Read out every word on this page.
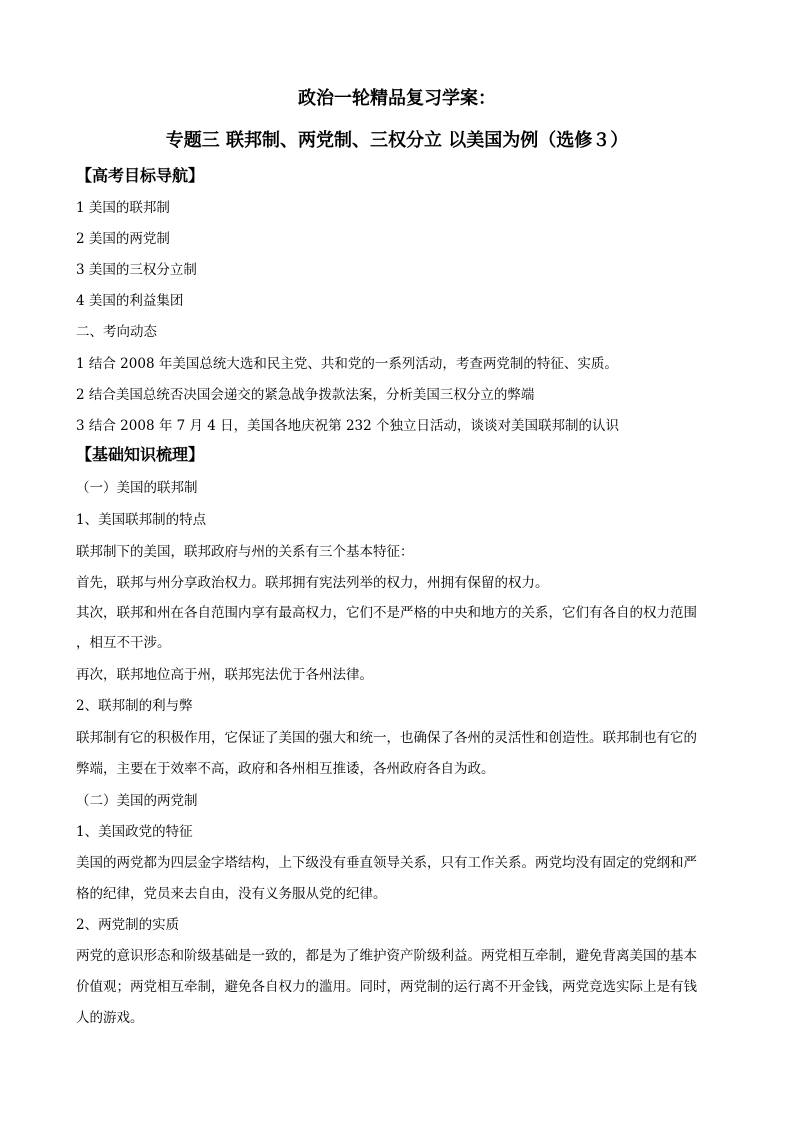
政治一轮精品复习学案：
专题三 联邦制、两党制、三权分立 以美国为例（选修３）
【高考目标导航】
1 美国的联邦制
2 美国的两党制
3 美国的三权分立制
4 美国的利益集团
二、考向动态
1 结合 2008 年美国总统大选和民主党、共和党的一系列活动，考查两党制的特征、实质。
2 结合美国总统否决国会递交的紧急战争拨款法案，分析美国三权分立的弊端
3 结合 2008 年 7 月 4 日，美国各地庆祝第 232 个独立日活动，谈谈对美国联邦制的认识
【基础知识梳理】
（一）美国的联邦制
1、美国联邦制的特点
联邦制下的美国，联邦政府与州的关系有三个基本特征：
首先，联邦与州分享政治权力。联邦拥有宪法列举的权力，州拥有保留的权力。
其次，联邦和州在各自范围内享有最高权力，它们不是严格的中央和地方的关系，它们有各自的权力范围
，相互不干涉。
再次，联邦地位高于州，联邦宪法优于各州法律。
2、联邦制的利与弊
联邦制有它的积极作用，它保证了美国的强大和统一，也确保了各州的灵活性和创造性。联邦制也有它的
弊端，主要在于效率不高，政府和各州相互推诿，各州政府各自为政。
（二）美国的两党制
1、美国政党的特征
美国的两党都为四层金字塔结构，上下级没有垂直领导关系，只有工作关系。两党均没有固定的党纲和严
格的纪律，党员来去自由，没有义务服从党的纪律。
2、两党制的实质
两党的意识形态和阶级基础是一致的，都是为了维护资产阶级利益。两党相互牵制，避免背离美国的基本
价值观；两党相互牵制，避免各自权力的滥用。同时，两党制的运行离不开金钱，两党竞选实际上是有钱
人的游戏。
